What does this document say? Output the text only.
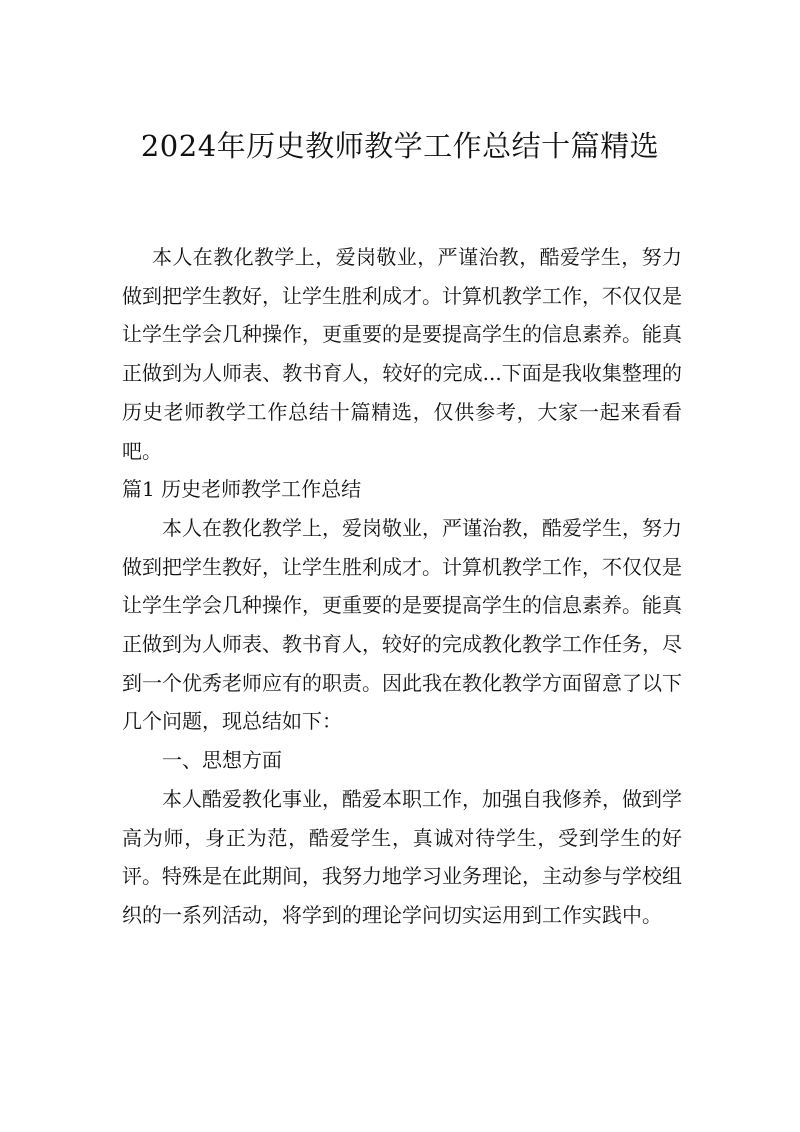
2024年历史教师教学工作总结十篇精选

本人在教化教学上，爱岗敬业，严谨治教，酷爱学生，努力做到把学生教好，让学生胜利成才。计算机教学工作，不仅仅是让学生学会几种操作，更重要的是要提高学生的信息素养。能真正做到为人师表、教书育人，较好的完成...下面是我收集整理的历史老师教学工作总结十篇精选，仅供参考，大家一起来看看吧。

篇1 历史老师教学工作总结

本人在教化教学上，爱岗敬业，严谨治教，酷爱学生，努力做到把学生教好，让学生胜利成才。计算机教学工作，不仅仅是让学生学会几种操作，更重要的是要提高学生的信息素养。能真正做到为人师表、教书育人，较好的完成教化教学工作任务，尽到一个优秀老师应有的职责。因此我在教化教学方面留意了以下几个问题，现总结如下：

一、思想方面

本人酷爱教化事业，酷爱本职工作，加强自我修养，做到学高为师，身正为范，酷爱学生，真诚对待学生，受到学生的好评。特殊是在此期间，我努力地学习业务理论，主动参与学校组织的一系列活动，将学到的理论学问切实运用到工作实践中。
